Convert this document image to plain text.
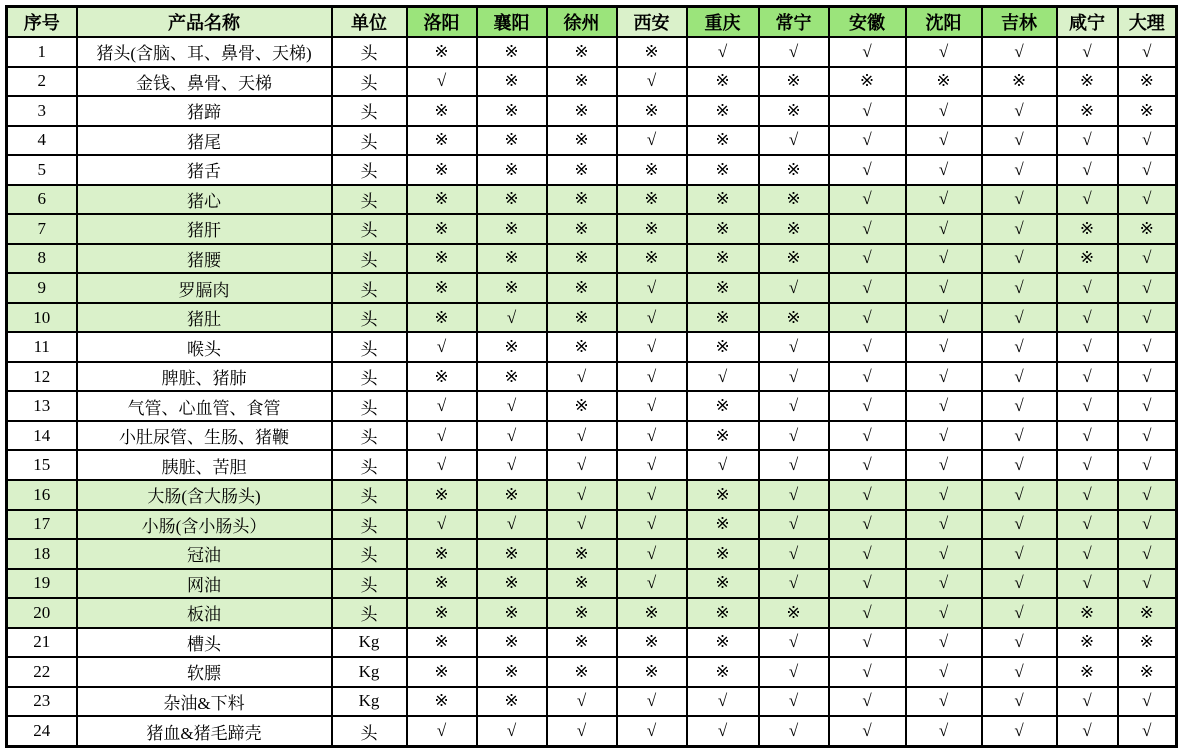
序号	产品名称	单位	洛阳	襄阳	徐州	西安	重庆	常宁	安徽	沈阳	吉林	咸宁	大理
1	猪头(含脑、耳、鼻骨、天梯)	头	※	※	※	※	√	√	√	√	√	√	√
2	金钱、鼻骨、天梯	头	√	※	※	√	※	※	※	※	※	※	※
3	猪蹄	头	※	※	※	※	※	※	√	√	√	※	※
4	猪尾	头	※	※	※	√	※	√	√	√	√	√	√
5	猪舌	头	※	※	※	※	※	※	√	√	√	√	√
6	猪心	头	※	※	※	※	※	※	√	√	√	√	√
7	猪肝	头	※	※	※	※	※	※	√	√	√	※	※
8	猪腰	头	※	※	※	※	※	※	√	√	√	※	√
9	罗膈肉	头	※	※	※	√	※	√	√	√	√	√	√
10	猪肚	头	※	√	※	√	※	※	√	√	√	√	√
11	喉头	头	√	※	※	√	※	√	√	√	√	√	√
12	脾脏、猪肺	头	※	※	√	√	√	√	√	√	√	√	√
13	气管、心血管、食管	头	√	√	※	√	※	√	√	√	√	√	√
14	小肚尿管、生肠、猪鞭	头	√	√	√	√	※	√	√	√	√	√	√
15	胰脏、苦胆	头	√	√	√	√	√	√	√	√	√	√	√
16	大肠(含大肠头)	头	※	※	√	√	※	√	√	√	√	√	√
17	小肠(含小肠头）	头	√	√	√	√	※	√	√	√	√	√	√
18	冠油	头	※	※	※	√	※	√	√	√	√	√	√
19	网油	头	※	※	※	√	※	√	√	√	√	√	√
20	板油	头	※	※	※	※	※	※	√	√	√	※	※
21	槽头	Kg	※	※	※	※	※	√	√	√	√	※	※
22	软膘	Kg	※	※	※	※	※	√	√	√	√	※	※
23	杂油&下料	Kg	※	※	√	√	√	√	√	√	√	√	√
24	猪血&猪毛蹄壳	头	√	√	√	√	√	√	√	√	√	√	√
